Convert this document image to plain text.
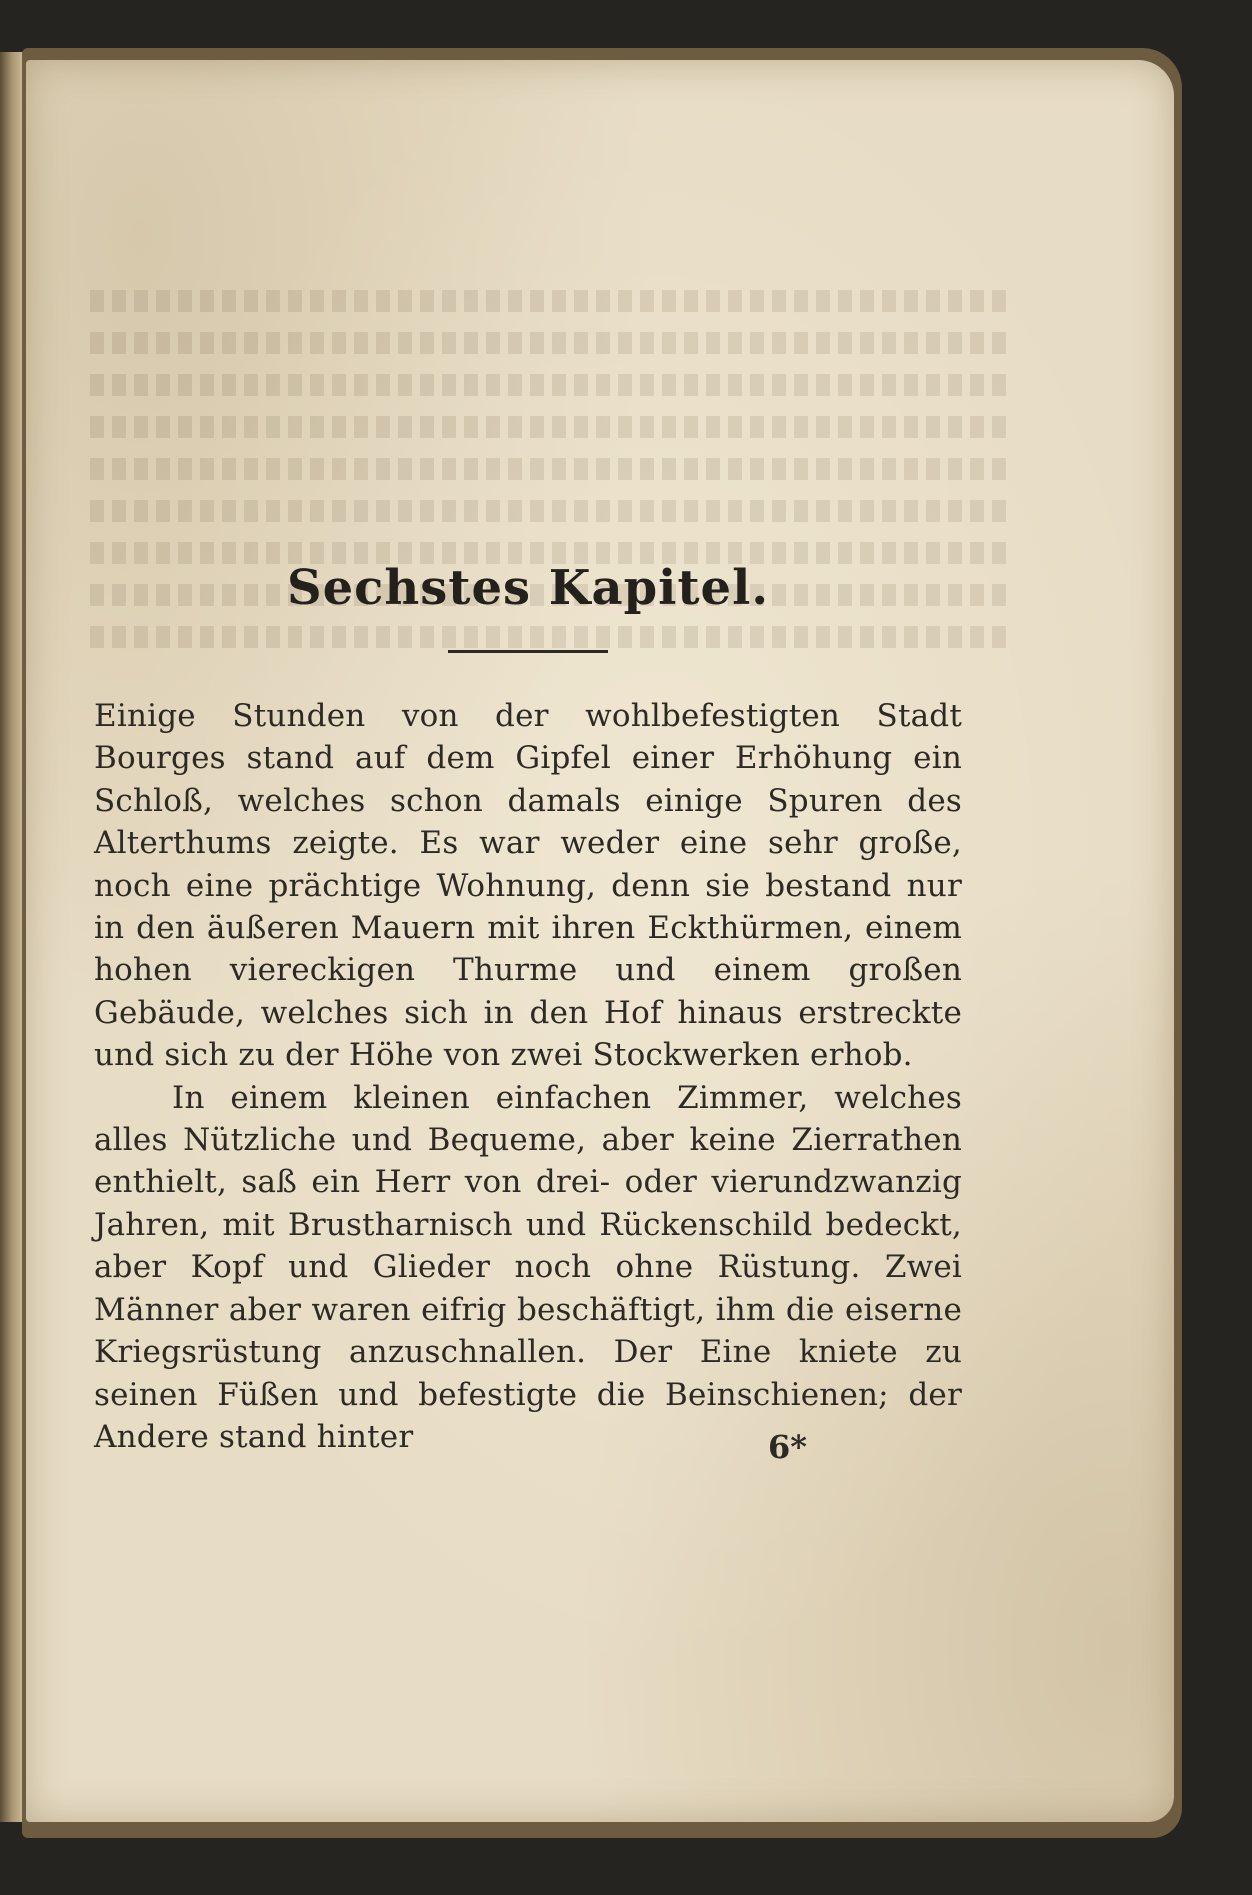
Sechstes Kapitel.

Einige Stunden von der wohlbefestigten Stadt Bourges stand auf dem Gipfel einer Erhöhung ein Schloß, welches schon damals einige Spuren des Alterthums zeigte. Es war weder eine sehr große, noch eine prächtige Wohnung, denn sie bestand nur in den äußeren Mauern mit ihren Eckthürmen, einem hohen viereckigen Thurme und einem großen Gebäude, welches sich in den Hof hinaus erstreckte und sich zu der Höhe von zwei Stockwerken erhob.

In einem kleinen einfachen Zimmer, welches alles Nützliche und Bequeme, aber keine Zierrathen enthielt, saß ein Herr von drei- oder vierundzwanzig Jahren, mit Brustharnisch und Rückenschild bedeckt, aber Kopf und Glieder noch ohne Rüstung. Zwei Männer aber waren eifrig beschäftigt, ihm die eiserne Kriegsrüstung anzuschnallen. Der Eine kniete zu seinen Füßen und befestigte die Beinschienen; der Andere stand hinter	6*
